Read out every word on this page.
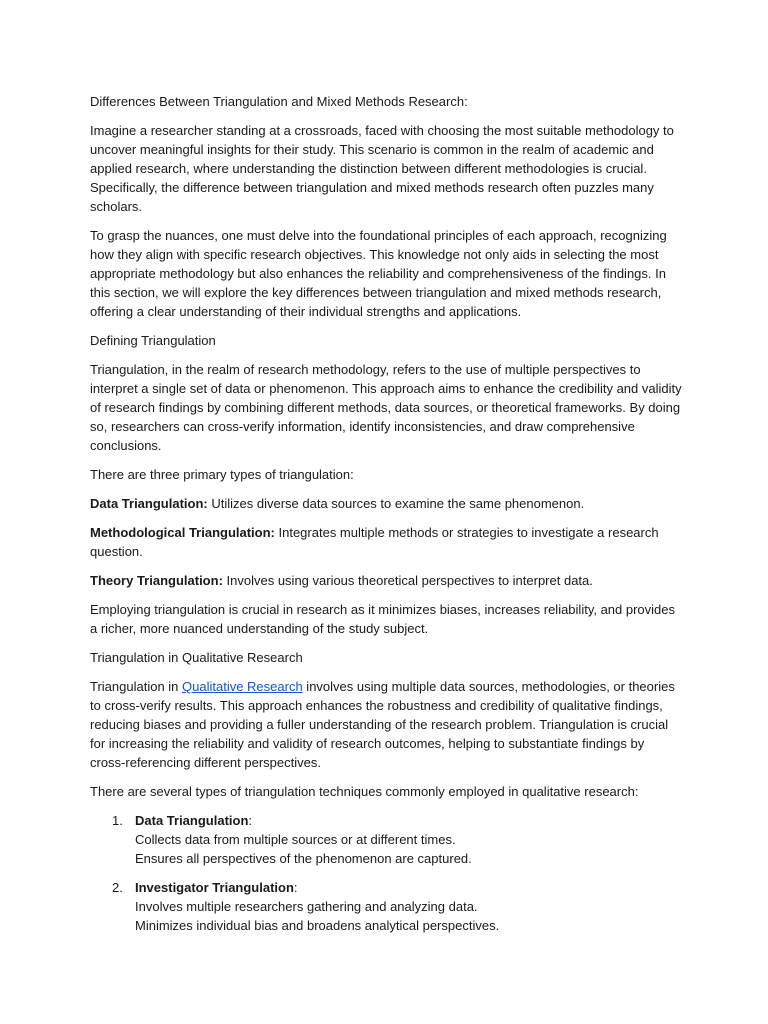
Differences Between Triangulation and Mixed Methods Research:

Imagine a researcher standing at a crossroads, faced with choosing the most suitable methodology to uncover meaningful insights for their study. This scenario is common in the realm of academic and applied research, where understanding the distinction between different methodologies is crucial. Specifically, the difference between triangulation and mixed methods research often puzzles many scholars.

To grasp the nuances, one must delve into the foundational principles of each approach, recognizing how they align with specific research objectives. This knowledge not only aids in selecting the most appropriate methodology but also enhances the reliability and comprehensiveness of the findings. In this section, we will explore the key differences between triangulation and mixed methods research, offering a clear understanding of their individual strengths and applications.

Defining Triangulation

Triangulation, in the realm of research methodology, refers to the use of multiple perspectives to interpret a single set of data or phenomenon. This approach aims to enhance the credibility and validity of research findings by combining different methods, data sources, or theoretical frameworks. By doing so, researchers can cross-verify information, identify inconsistencies, and draw comprehensive conclusions.

There are three primary types of triangulation:

Data Triangulation: Utilizes diverse data sources to examine the same phenomenon.

Methodological Triangulation: Integrates multiple methods or strategies to investigate a research question.

Theory Triangulation: Involves using various theoretical perspectives to interpret data.

Employing triangulation is crucial in research as it minimizes biases, increases reliability, and provides a richer, more nuanced understanding of the study subject.

Triangulation in Qualitative Research

Triangulation in Qualitative Research involves using multiple data sources, methodologies, or theories to cross-verify results. This approach enhances the robustness and credibility of qualitative findings, reducing biases and providing a fuller understanding of the research problem. Triangulation is crucial for increasing the reliability and validity of research outcomes, helping to substantiate findings by cross-referencing different perspectives.

There are several types of triangulation techniques commonly employed in qualitative research:

1. Data Triangulation:
Collects data from multiple sources or at different times.
Ensures all perspectives of the phenomenon are captured.
2. Investigator Triangulation:
Involves multiple researchers gathering and analyzing data.
Minimizes individual bias and broadens analytical perspectives.
